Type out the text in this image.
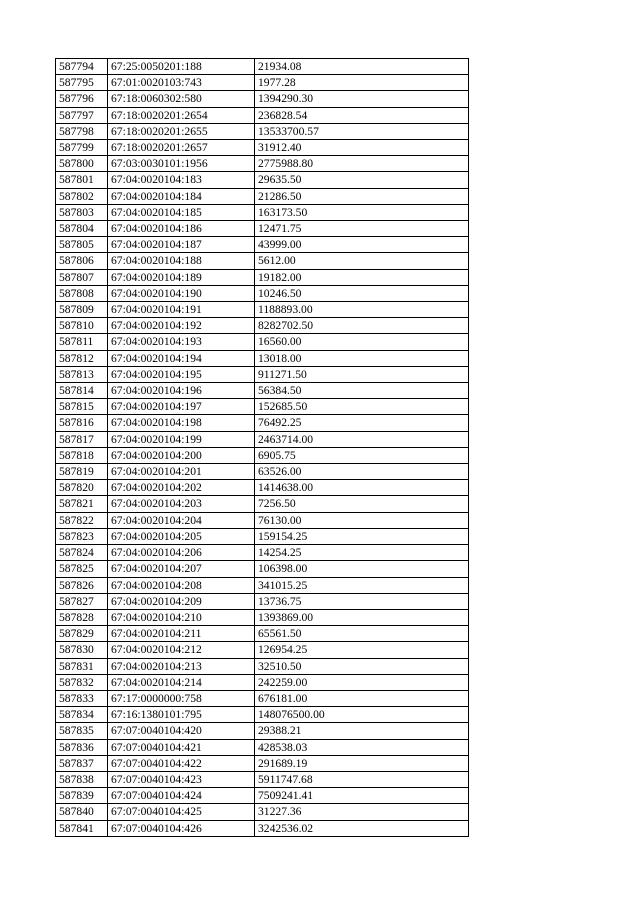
587794	67:25:0050201:188	21934.08
587795	67:01:0020103:743	1977.28
587796	67:18:0060302:580	1394290.30
587797	67:18:0020201:2654	236828.54
587798	67:18:0020201:2655	13533700.57
587799	67:18:0020201:2657	31912.40
587800	67:03:0030101:1956	2775988.80
587801	67:04:0020104:183	29635.50
587802	67:04:0020104:184	21286.50
587803	67:04:0020104:185	163173.50
587804	67:04:0020104:186	12471.75
587805	67:04:0020104:187	43999.00
587806	67:04:0020104:188	5612.00
587807	67:04:0020104:189	19182.00
587808	67:04:0020104:190	10246.50
587809	67:04:0020104:191	1188893.00
587810	67:04:0020104:192	8282702.50
587811	67:04:0020104:193	16560.00
587812	67:04:0020104:194	13018.00
587813	67:04:0020104:195	911271.50
587814	67:04:0020104:196	56384.50
587815	67:04:0020104:197	152685.50
587816	67:04:0020104:198	76492.25
587817	67:04:0020104:199	2463714.00
587818	67:04:0020104:200	6905.75
587819	67:04:0020104:201	63526.00
587820	67:04:0020104:202	1414638.00
587821	67:04:0020104:203	7256.50
587822	67:04:0020104:204	76130.00
587823	67:04:0020104:205	159154.25
587824	67:04:0020104:206	14254.25
587825	67:04:0020104:207	106398.00
587826	67:04:0020104:208	341015.25
587827	67:04:0020104:209	13736.75
587828	67:04:0020104:210	1393869.00
587829	67:04:0020104:211	65561.50
587830	67:04:0020104:212	126954.25
587831	67:04:0020104:213	32510.50
587832	67:04:0020104:214	242259.00
587833	67:17:0000000:758	676181.00
587834	67:16:1380101:795	148076500.00
587835	67:07:0040104:420	29388.21
587836	67:07:0040104:421	428538.03
587837	67:07:0040104:422	291689.19
587838	67:07:0040104:423	5911747.68
587839	67:07:0040104:424	7509241.41
587840	67:07:0040104:425	31227.36
587841	67:07:0040104:426	3242536.02
